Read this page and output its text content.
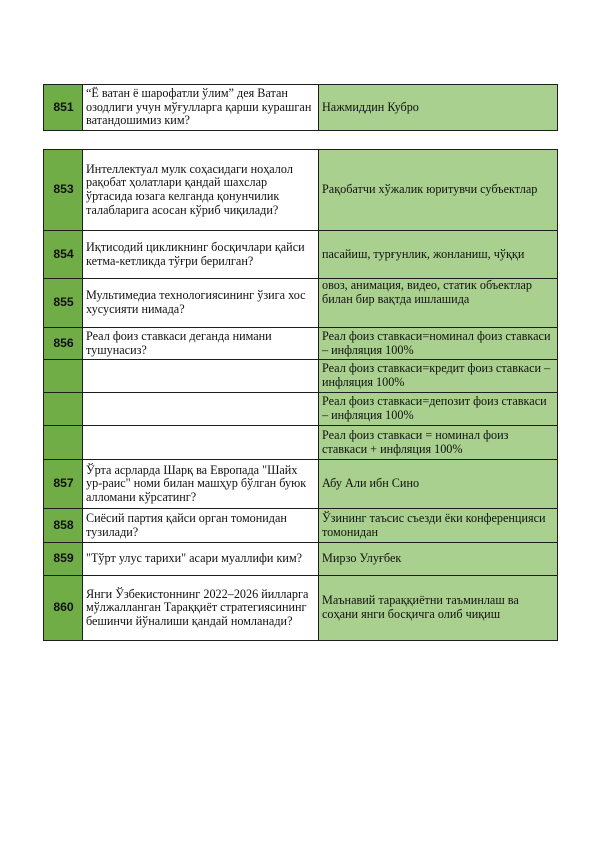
851	“Ё ватан ё шарофатли ўлим” дея Ватан озодлиги учун мўғулларга қарши курашган ватандошимиз ким?	Нажмиддин Кубро
853	Интеллектуал мулк соҳасидаги ноҳалол рақобат ҳолатлари қандай шахслар ўртасида юзага келганда қонунчилик талабларига асосан кўриб чиқилади?	Рақобатчи хўжалик юритувчи субъектлар
854	Иқтисодий цикликнинг босқичлари қайси кетма-кетликда тўғри берилган?	пасайиш, турғунлик, жонланиш, чўққи
855	Мультимедиа технологиясининг ўзига хос хусусияти нимада?	овоз, анимация, видео, статик объектлар билан бир вақтда ишлашида
856	Реал фоиз ставкаси деганда нимани тушунасиз?	Реал фоиз ставкаси=номинал фоиз ставкаси – инфляция 100%
		Реал фоиз ставкаси=кредит фоиз ставкаси – инфляция 100%
		Реал фоиз ставкаси=депозит фоиз ставкаси – инфляция 100%
		Реал фоиз ставкаси = номинал фоиз ставкаси + инфляция 100%
857	Ўрта асрларда Шарқ ва Европада "Шайх ур-раис" номи билан машҳур бўлган буюк алломани кўрсатинг?	Абу Али ибн Сино
858	Сиёсий партия қайси орган томонидан тузилади?	Ўзининг таъсис съезди ёки конференцияси томонидан
859	"Тўрт улус тарихи" асари муаллифи ким?	Мирзо Улуғбек
860	Янги Ўзбекистоннинг 2022–2026 йилларга мўлжалланган Тараққиёт стратегиясининг бешинчи йўналиши қандай номланади?	Маънавий тараққиётни таъминлаш ва соҳани янги босқичга олиб чиқиш
